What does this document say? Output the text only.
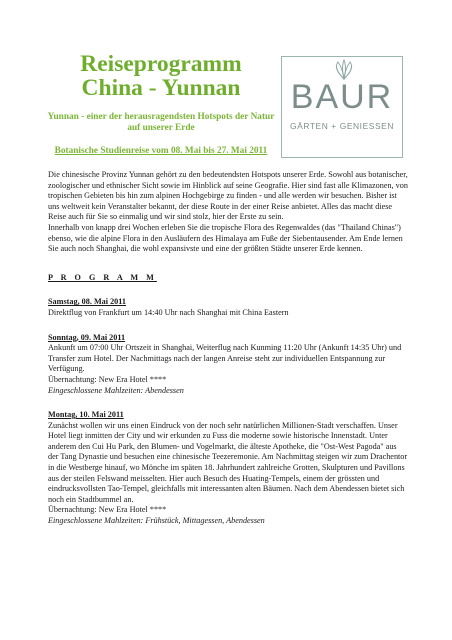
Reiseprogramm
China - Yunnan
Yunnan - einer der herausragendsten Hotspots der Natur auf unserer Erde
Botanische Studienreise vom 08. Mai bis 27. Mai 2011
BAUR
GÄRTEN + GENIESSEN

Die chinesische Provinz Yunnan gehört zu den bedeutendsten Hotspots unserer Erde. Sowohl aus botanischer, zoologischer und ethnischer Sicht sowie im Hinblick auf seine Geografie. Hier sind fast alle Klimazonen, von tropischen Gebieten bis hin zum alpinen Hochgebirge zu finden - und alle werden wir besuchen. Bisher ist uns weltweit kein Veranstalter bekannt, der diese Route in der einer Reise anbietet. Alles das macht diese Reise auch für Sie so einmalig und wir sind stolz, hier der Erste zu sein.

Innerhalb von knapp drei Wochen erleben Sie die tropische Flora des Regenwaldes (das "Thailand Chinas") ebenso, wie die alpine Flora in den Ausläufern des Himalaya am Fuße der Siebentausender. Am Ende lernen Sie auch noch Shanghai, die wohl expansivste und eine der größten Städte unserer Erde kennen.

P R O G R A M M

Samstag, 08. Mai 2011

Direktflug von Frankfurt um 14:40 Uhr nach Shanghai mit China Eastern

Sonntag, 09. Mai 2011

Ankunft um 07:00 Uhr Ortszeit in Shanghai, Weiterflug nach Kunming 11:20 Uhr (Ankunft 14:35 Uhr) und Transfer zum Hotel. Der Nachmittags nach der langen Anreise steht zur individuellen Entspannung zur Verfügung.

Übernachtung: New Era Hotel ****

Eingeschlossene Mahlzeiten: Abendessen

Montag, 10. Mai 2011

Zunächst wollen wir uns einen Eindruck von der noch sehr natürlichen Millionen-Stadt verschaffen. Unser Hotel liegt inmitten der City und wir erkunden zu Fuss die moderne sowie historische Innenstadt. Unter anderem den Cui Hu Park, den Blumen- und Vogelmarkt, die älteste Apotheke, die "Ost-West Pagoda" aus der Tang Dynastie und besuchen eine chinesische Teezeremonie. Am Nachmittag steigen wir zum Drachentor in die Westberge hinauf, wo Mönche im späten 18. Jahrhundert zahlreiche Grotten, Skulpturen und Pavillons aus der steilen Felswand meisselten. Hier auch Besuch des Huating-Tempels, einem der grössten und eindrucksvollsten Tao-Tempel, gleichfalls mit interessanten alten Bäumen. Nach dem Abendessen bietet sich noch ein Stadtbummel an.

Übernachtung: New Era Hotel ****

Eingeschlossene Mahlzeiten: Frühstück, Mittagessen, Abendessen
